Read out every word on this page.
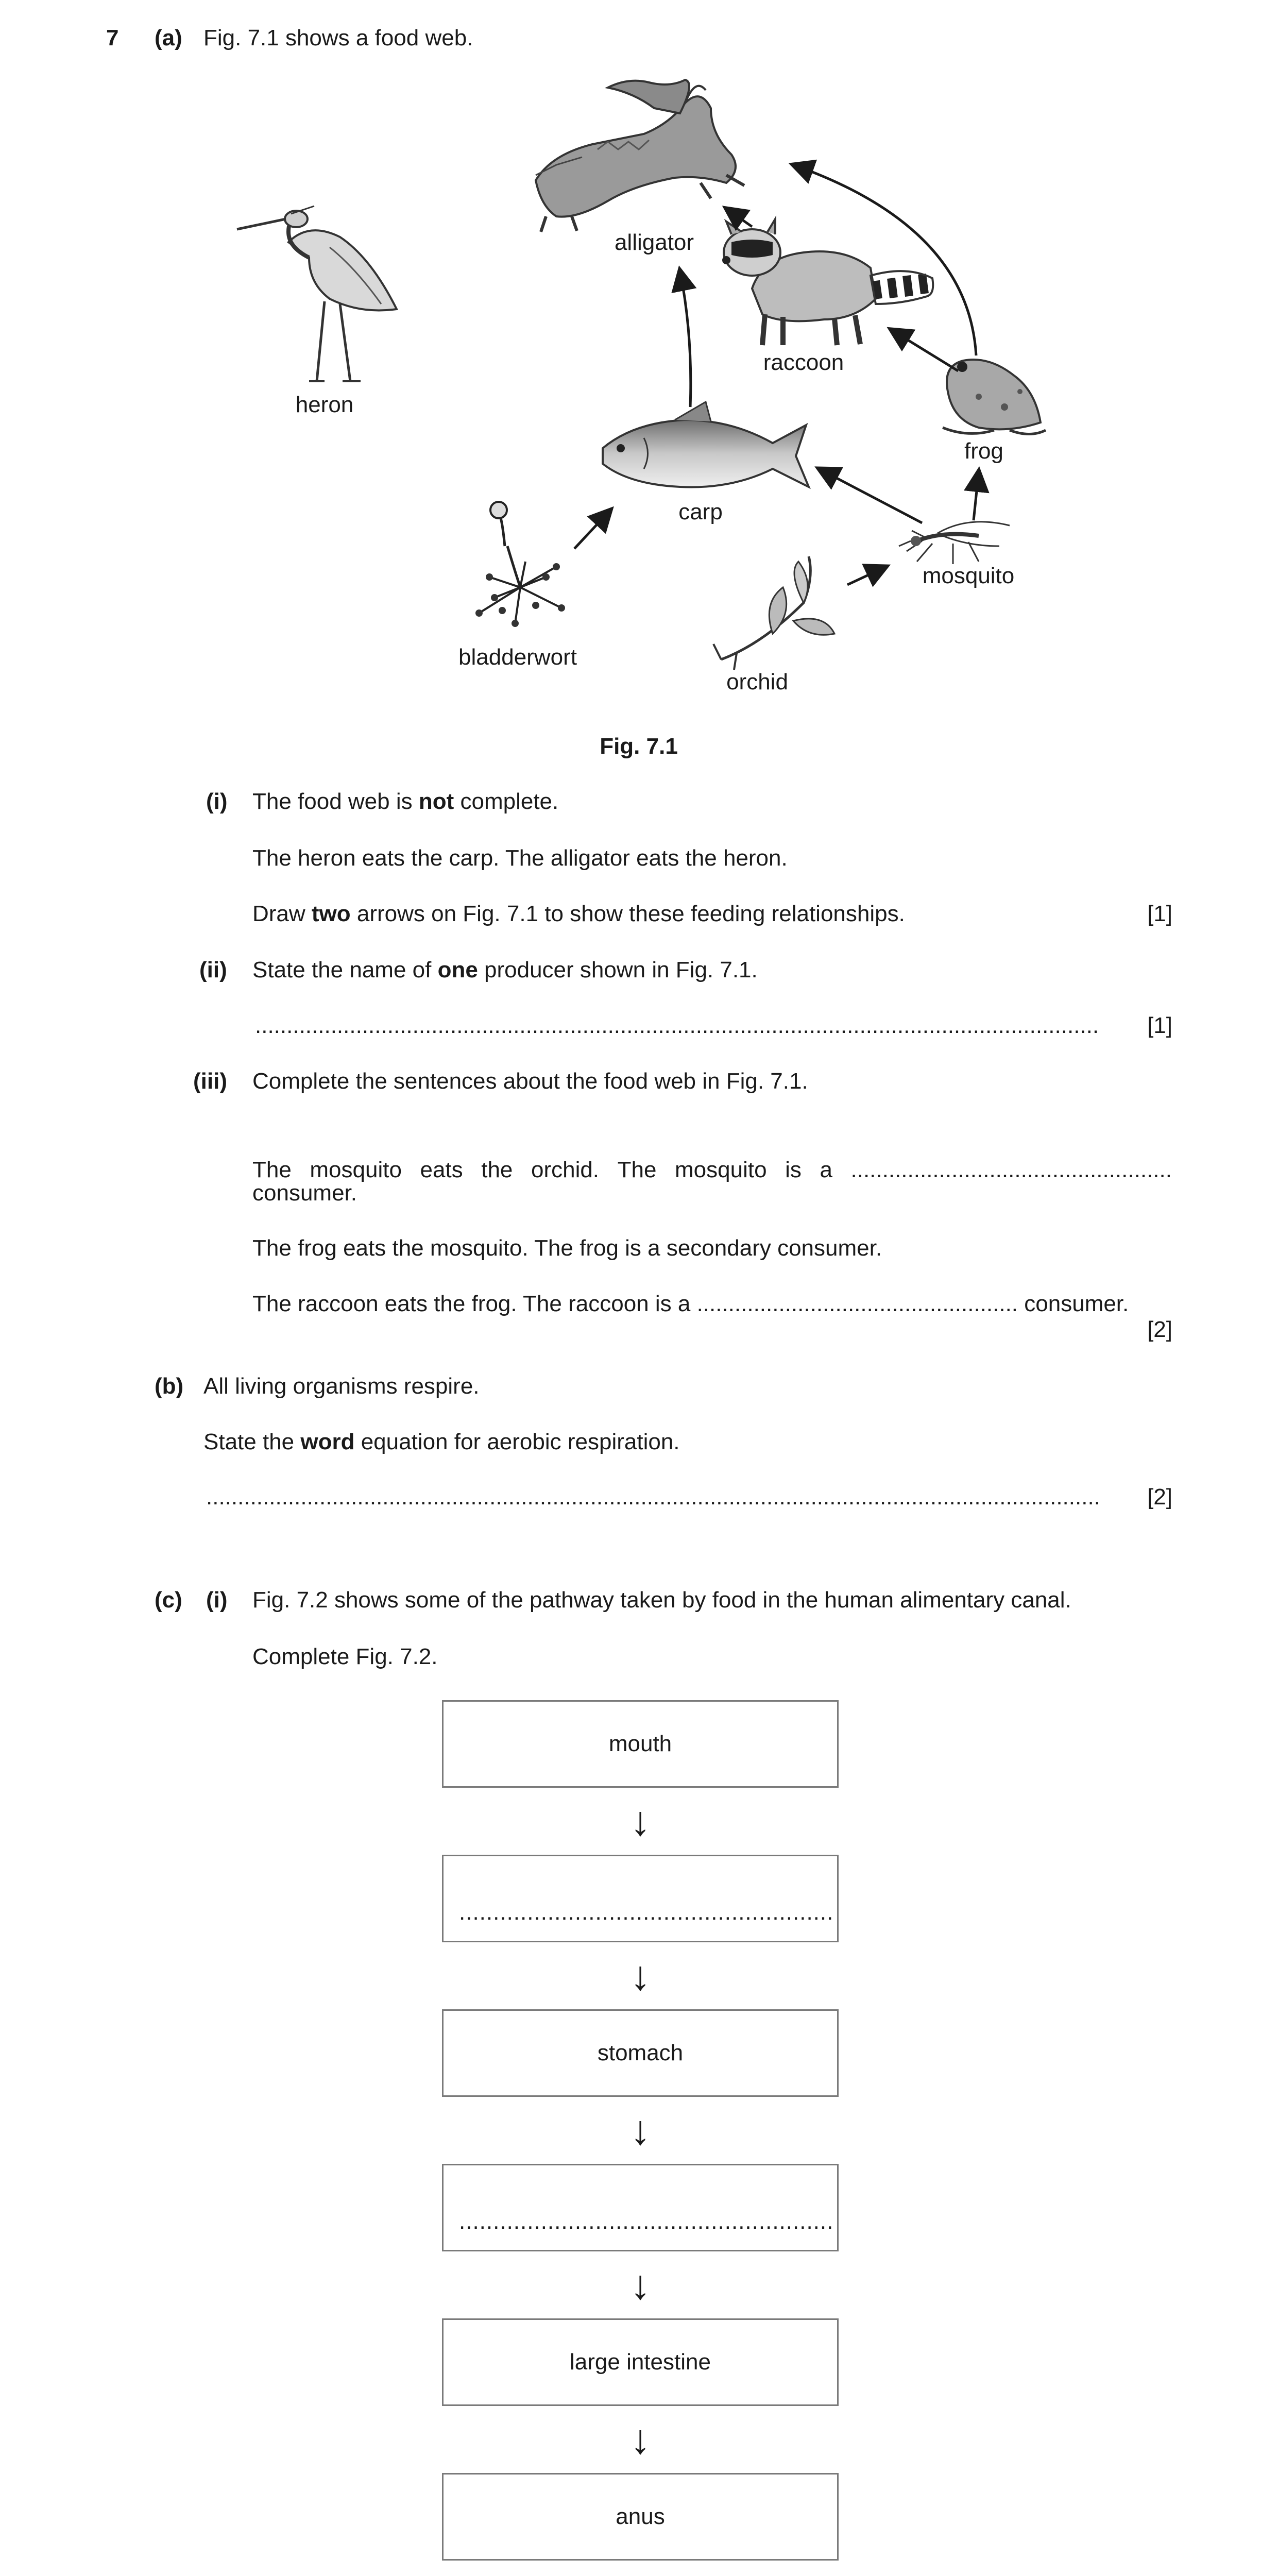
7 (a) Fig. 7.1 shows a food web.
alligator
heron
raccoon
frog
carp
mosquito
bladderwort
orchid
Fig. 7.1
(i) The food web is not complete.
The heron eats the carp. The alligator eats the heron.
Draw two arrows on Fig. 7.1 to show these feeding relationships.	[1]
(ii) State the name of one producer shown in Fig. 7.1.
......................................................................................................................................	[1]
(iii) Complete the sentences about the food web in Fig. 7.1.
The mosquito eats the orchid. The mosquito is a ...................................................
consumer.
The frog eats the mosquito. The frog is a secondary consumer.
The raccoon eats the frog. The raccoon is a ................................................... consumer.
[2]
(b) All living organisms respire.
State the word equation for aerobic respiration.
..............................................................................................................................................	[2]
(c) (i) Fig. 7.2 shows some of the pathway taken by food in the human alimentary canal.
Complete Fig. 7.2.
mouth
↓
.......................................................
↓
stomach
↓
.......................................................
↓
large intestine
↓
anus
